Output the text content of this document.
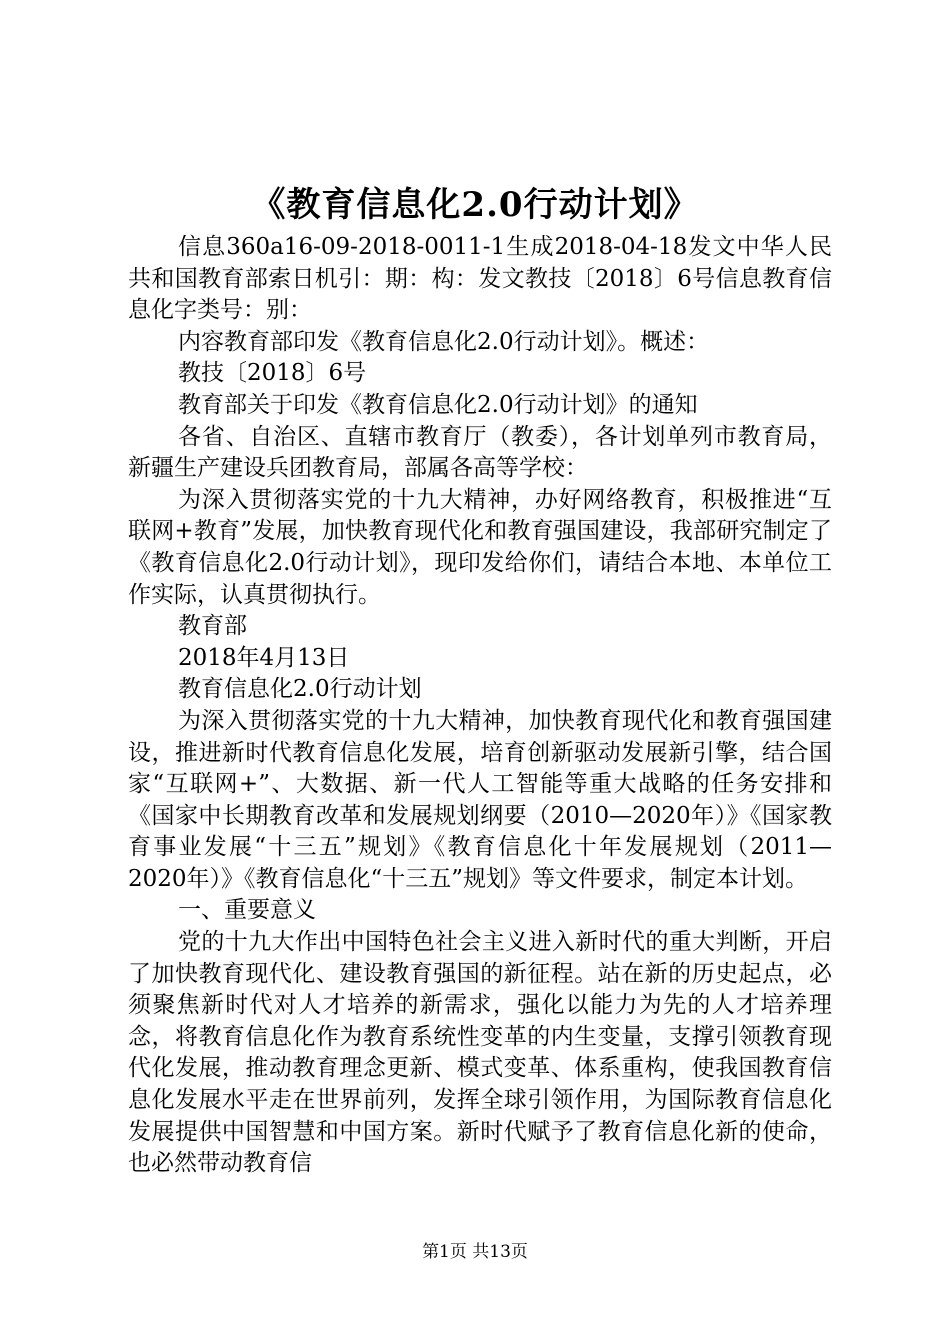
《教育信息化2.0行动计划》

信息360a16-09-2018-0011-1生成2018-04-18发文中华人民共和国教育部索日机引：期：构：发文教技〔2018〕6号信息教育信息化字类号：别：

内容教育部印发《教育信息化2.0行动计划》。概述：

教技〔2018〕6号

教育部关于印发《教育信息化2.0行动计划》的通知

各省、自治区、直辖市教育厅（教委），各计划单列市教育局，新疆生产建设兵团教育局，部属各高等学校：

为深入贯彻落实党的十九大精神，办好网络教育，积极推进“互联网+教育”发展，加快教育现代化和教育强国建设，我部研究制定了《教育信息化2.0行动计划》，现印发给你们，请结合本地、本单位工作实际，认真贯彻执行。

教育部

2018年4月13日

教育信息化2.0行动计划

为深入贯彻落实党的十九大精神，加快教育现代化和教育强国建设，推进新时代教育信息化发展，培育创新驱动发展新引擎，结合国家“互联网+”、大数据、新一代人工智能等重大战略的任务安排和《国家中长期教育改革和发展规划纲要（2010—2020年）》《国家教育事业发展“十三五”规划》《教育信息化十年发展规划（2011—2020年）》《教育信息化“十三五”规划》等文件要求，制定本计划。

一、重要意义

党的十九大作出中国特色社会主义进入新时代的重大判断，开启了加快教育现代化、建设教育强国的新征程。站在新的历史起点，必须聚焦新时代对人才培养的新需求，强化以能力为先的人才培养理念，将教育信息化作为教育系统性变革的内生变量，支撑引领教育现代化发展，推动教育理念更新、模式变革、体系重构，使我国教育信息化发展水平走在世界前列，发挥全球引领作用，为国际教育信息化发展提供中国智慧和中国方案。新时代赋予了教育信息化新的使命，也必然带动教育信

第1页 共13页
